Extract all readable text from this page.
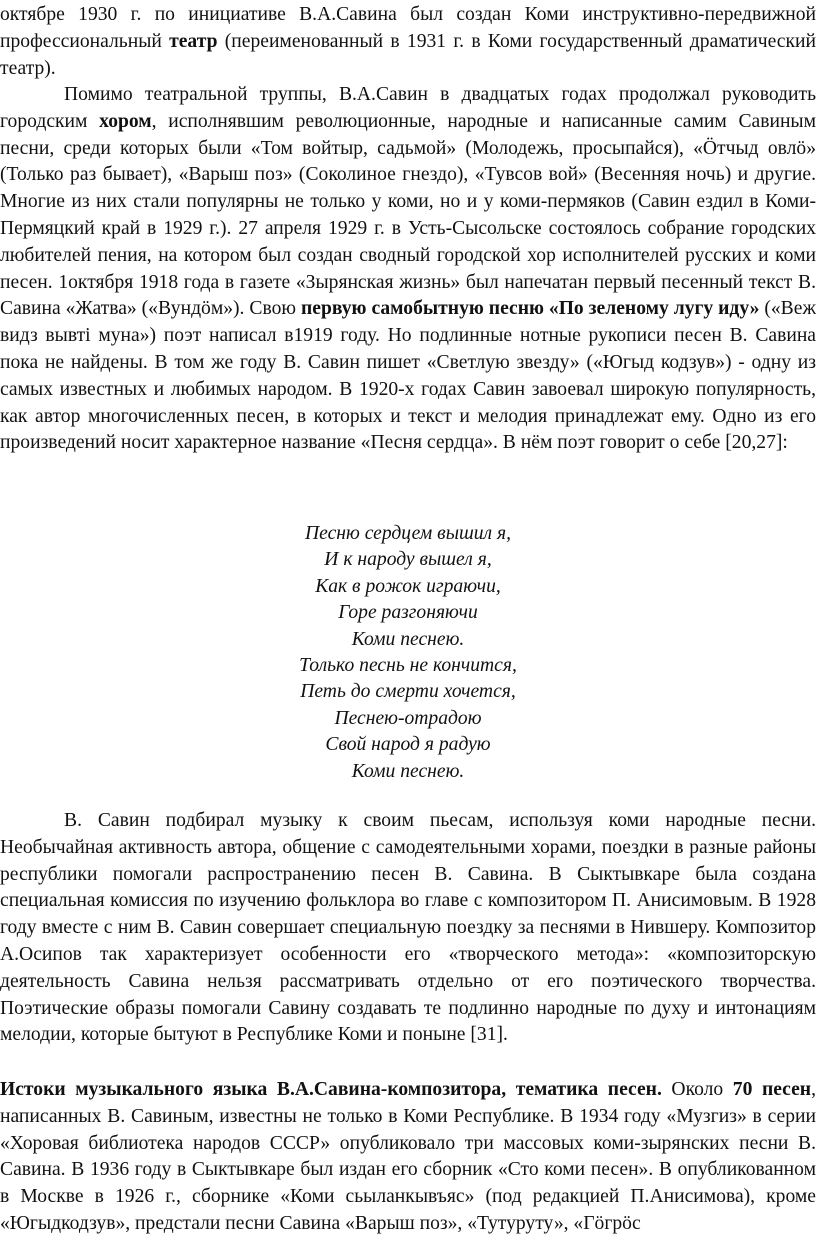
октябре 1930 г. по инициативе В.А.Савина был создан Коми инструктивно-передвижной профессиональный театр (переименованный в 1931 г. в Коми государственный драматический театр).

Помимо театральной труппы, В.А.Савин в двадцатых годах продолжал руководить городским хором, исполнявшим революционные, народные и написанные самим Савиным песни, среди которых были «Том войтыр, садьмой» (Молодежь, просыпайся), «Öтчыд овлö» (Только раз бывает), «Варыш поз» (Соколиное гнездо), «Тувсов вой» (Весенняя ночь) и другие. Многие из них стали популярны не только у коми, но и у коми-пермяков (Савин ездил в Коми-Пермяцкий край в 1929 г.). 27 апреля 1929 г. в Усть-Сысольске состоялось собрание городских любителей пения, на котором был создан сводный городской хор исполнителей русских и коми песен. 1октября 1918 года в газете «Зырянская жизнь» был напечатан первый песенный текст В. Савина «Жатва» («Вундöм»). Свою первую самобытную песню «По зеленому лугу иду» («Веж видз вывтi муна») поэт написал в1919 году. Но подлинные нотные рукописи песен В. Савина пока не найдены. В том же году В. Савин пишет «Светлую звезду» («Югыд кодзув») - одну из самых известных и любимых народом. В 1920-х годах Савин завоевал широкую популярность, как автор многочисленных песен, в которых и текст и мелодия принадлежат ему. Одно из его произведений носит характерное название «Песня сердца». В нём поэт говорит о себе [20,27]:

Песню сердцем вышил я,
И к народу вышел я,
Как в рожок играючи,
Горе разгоняючи
Коми песнею.
Только песнь не кончится,
Петь до смерти хочется,
Песнею-отрадою
Свой народ я радую
Коми песнею.

В. Савин подбирал музыку к своим пьесам, используя коми народные песни. Необычайная активность автора, общение с самодеятельными хорами, поездки в разные районы республики помогали распространению песен В. Савина. В Сыктывкаре была создана специальная комиссия по изучению фольклора во главе с композитором П. Анисимовым. В 1928 году вместе с ним В. Савин совершает специальную поездку за песнями в Нившеру. Композитор А.Осипов так характеризует особенности его «творческого метода»: «композиторскую деятельность Савина нельзя рассматривать отдельно от его поэтического творчества. Поэтические образы помогали Савину создавать те подлинно народные по духу и интонациям мелодии, которые бытуют в Республике Коми и поныне [31].

Истоки музыкального языка В.А.Савина-композитора, тематика песен. Около 70 песен, написанных В. Савиным, известны не только в Коми Республике. В 1934 году «Музгиз» в серии «Хоровая библиотека народов СССР» опубликовало три массовых коми-зырянских песни В. Савина. В 1936 году в Сыктывкаре был издан его сборник «Сто коми песен». В опубликованном в Москве в 1926 г., сборнике «Коми сьыланкывъяс» (под редакцией П.Анисимова), кроме «Югыдкодзув», предстали песни Савина «Варыш поз», «Тутуруту», «Гöгрöс
